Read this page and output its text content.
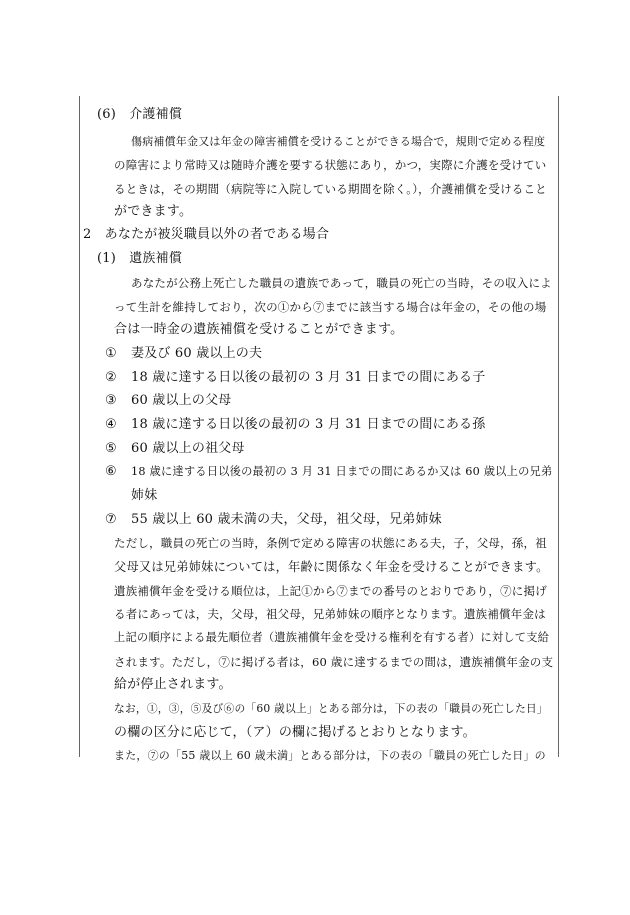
(6)　介護補償
傷病補償年金又は年金の障害補償を受けることができる場合で，規則で定める程度
の障害により常時又は随時介護を要する状態にあり，かつ，実際に介護を受けてい
るときは，その期間（病院等に入院している期間を除く。），介護補償を受けること
ができます。
2　あなたが被災職員以外の者である場合
(1)　遺族補償
あなたが公務上死亡した職員の遺族であって，職員の死亡の当時，その収入によ
って生計を維持しており，次の①から⑦までに該当する場合は年金の，その他の場
合は一時金の遺族補償を受けることができます。
① 妻及び 60 歳以上の夫
② 18 歳に達する日以後の最初の 3 月 31 日までの間にある子
③ 60 歳以上の父母
④ 18 歳に達する日以後の最初の 3 月 31 日までの間にある孫
⑤ 60 歳以上の祖父母
⑥ 18 歳に達する日以後の最初の 3 月 31 日までの間にあるか又は 60 歳以上の兄弟
姉妹
⑦ 55 歳以上 60 歳未満の夫，父母，祖父母，兄弟姉妹
ただし，職員の死亡の当時，条例で定める障害の状態にある夫，子，父母，孫，祖
父母又は兄弟姉妹については，年齢に関係なく年金を受けることができます。
遺族補償年金を受ける順位は，上記①から⑦までの番号のとおりであり，⑦に掲げ
る者にあっては，夫，父母，祖父母，兄弟姉妹の順序となります。遺族補償年金は
上記の順序による最先順位者（遺族補償年金を受ける権利を有する者）に対して支給
されます。ただし，⑦に掲げる者は，60 歳に達するまでの間は，遺族補償年金の支
給が停止されます。
なお，①，③，⑤及び⑥の「60 歳以上」とある部分は，下の表の「職員の死亡した日」
の欄の区分に応じて，（ア）の欄に掲げるとおりとなります。
また，⑦の「55 歳以上 60 歳未満」とある部分は，下の表の「職員の死亡した日」の
